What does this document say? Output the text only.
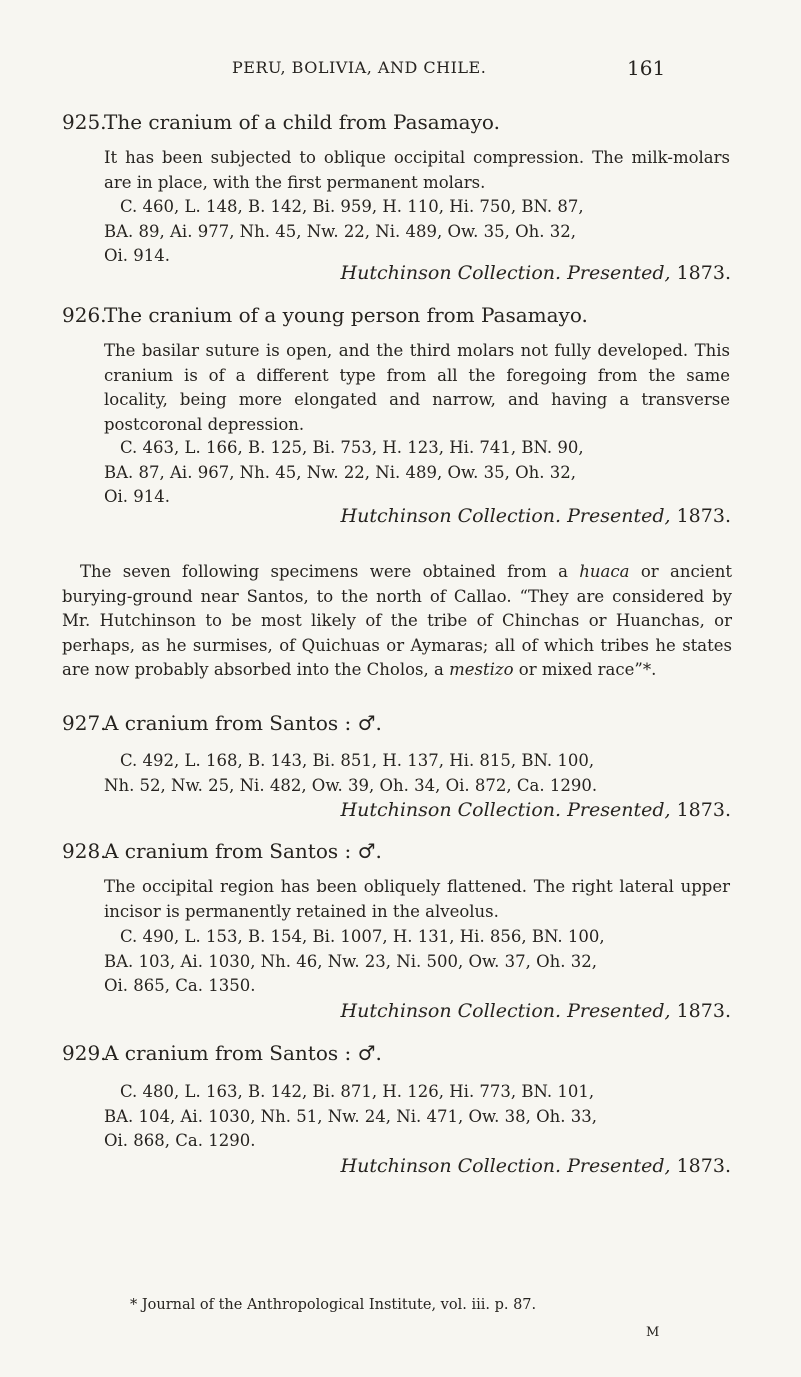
PERU, BOLIVIA, AND CHILE.	161
925.The cranium of a child from Pasamayo.

It has been subjected to oblique occipital compression. The milk-molars are in place, with the first permanent molars.

C. 460, L. 148, B. 142, Bi. 959, H. 110, Hi. 750, BN. 87,
BA. 89, Ai. 977, Nh. 45, Nw. 22, Ni. 489, Ow. 35, Oh. 32,
Oi. 914.
Hutchinson Collection. Presented, 1873.
926.The cranium of a young person from Pasamayo.

The basilar suture is open, and the third molars not fully developed. This cranium is of a different type from all the foregoing from the same locality, being more elongated and narrow, and having a transverse postcoronal depression.

C. 463, L. 166, B. 125, Bi. 753, H. 123, Hi. 741, BN. 90,
BA. 87, Ai. 967, Nh. 45, Nw. 22, Ni. 489, Ow. 35, Oh. 32,
Oi. 914.
Hutchinson Collection. Presented, 1873.

The seven following specimens were obtained from a huaca or ancient burying-ground near Santos, to the north of Callao. “They are considered by Mr. Hutchinson to be most likely of the tribe of Chinchas or Huanchas, or perhaps, as he surmises, of Quichuas or Aymaras; all of which tribes he states are now probably absorbed into the Cholos, a mestizo or mixed race”*.

927.A cranium from Santos : ♂.
C. 492, L. 168, B. 143, Bi. 851, H. 137, Hi. 815, BN. 100,
Nh. 52, Nw. 25, Ni. 482, Ow. 39, Oh. 34, Oi. 872, Ca. 1290.
Hutchinson Collection. Presented, 1873.
928.A cranium from Santos : ♂.

The occipital region has been obliquely flattened. The right lateral upper incisor is permanently retained in the alveolus.

C. 490, L. 153, B. 154, Bi. 1007, H. 131, Hi. 856, BN. 100,
BA. 103, Ai. 1030, Nh. 46, Nw. 23, Ni. 500, Ow. 37, Oh. 32,
Oi. 865, Ca. 1350.
Hutchinson Collection. Presented, 1873.
929.A cranium from Santos : ♂.
C. 480, L. 163, B. 142, Bi. 871, H. 126, Hi. 773, BN. 101,
BA. 104, Ai. 1030, Nh. 51, Nw. 24, Ni. 471, Ow. 38, Oh. 33,
Oi. 868, Ca. 1290.
Hutchinson Collection. Presented, 1873.
* Journal of the Anthropological Institute, vol. iii. p. 87.
M
